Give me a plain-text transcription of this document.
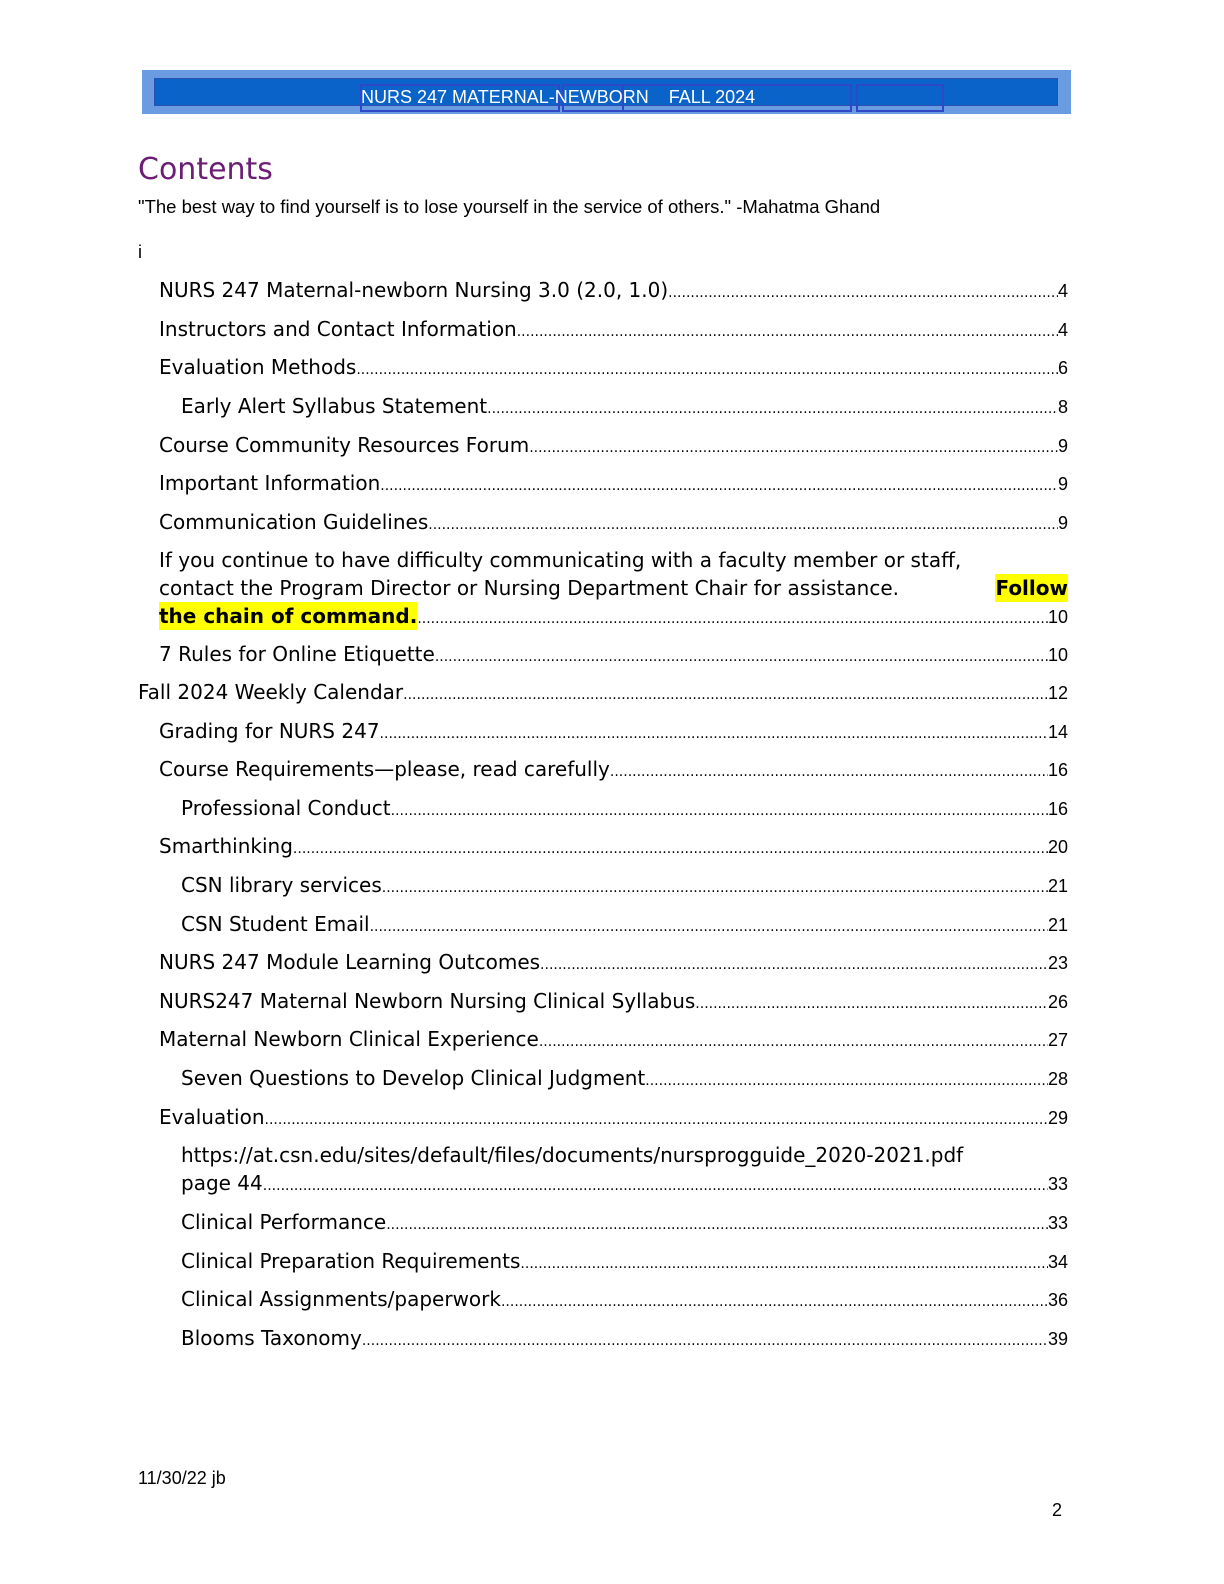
NURS 247 MATERNAL-NEWBORN    FALL 2024
Contents
"The best way to find yourself is to lose yourself in the service of others." -Mahatma Ghand
i
NURS 247 Maternal-newborn Nursing 3.0 (2.0, 1.0) .....	4
Instructors and Contact Information .....	4
Evaluation Methods .....	6
Early Alert Syllabus Statement .....	8
Course Community Resources Forum .....	9
Important Information .....	9
Communication Guidelines .....	9
If you continue to have difficulty communicating with a faculty member or staff,
contact the Program Director or Nursing Department Chair for assistance.	Follow
the chain of command. .....	10
7 Rules for Online Etiquette .....	10
Fall 2024 Weekly Calendar .....	12
Grading for NURS 247 .....	14
Course Requirements—please, read carefully .....	16
Professional Conduct .....	16
Smarthinking .....	20
CSN library services .....	21
CSN Student Email .....	21
NURS 247 Module Learning Outcomes .....	23
NURS247 Maternal Newborn Nursing Clinical Syllabus .....	26
Maternal Newborn Clinical Experience .....	27
Seven Questions to Develop Clinical Judgment .....	28
Evaluation .....	29
https://at.csn.edu/sites/default/files/documents/nursprogguide_2020-2021.pdf
page 44 .....	33
Clinical Performance .....	33
Clinical Preparation Requirements .....	34
Clinical Assignments/paperwork .....	36
Blooms Taxonomy .....	39
11/30/22 jb
2
